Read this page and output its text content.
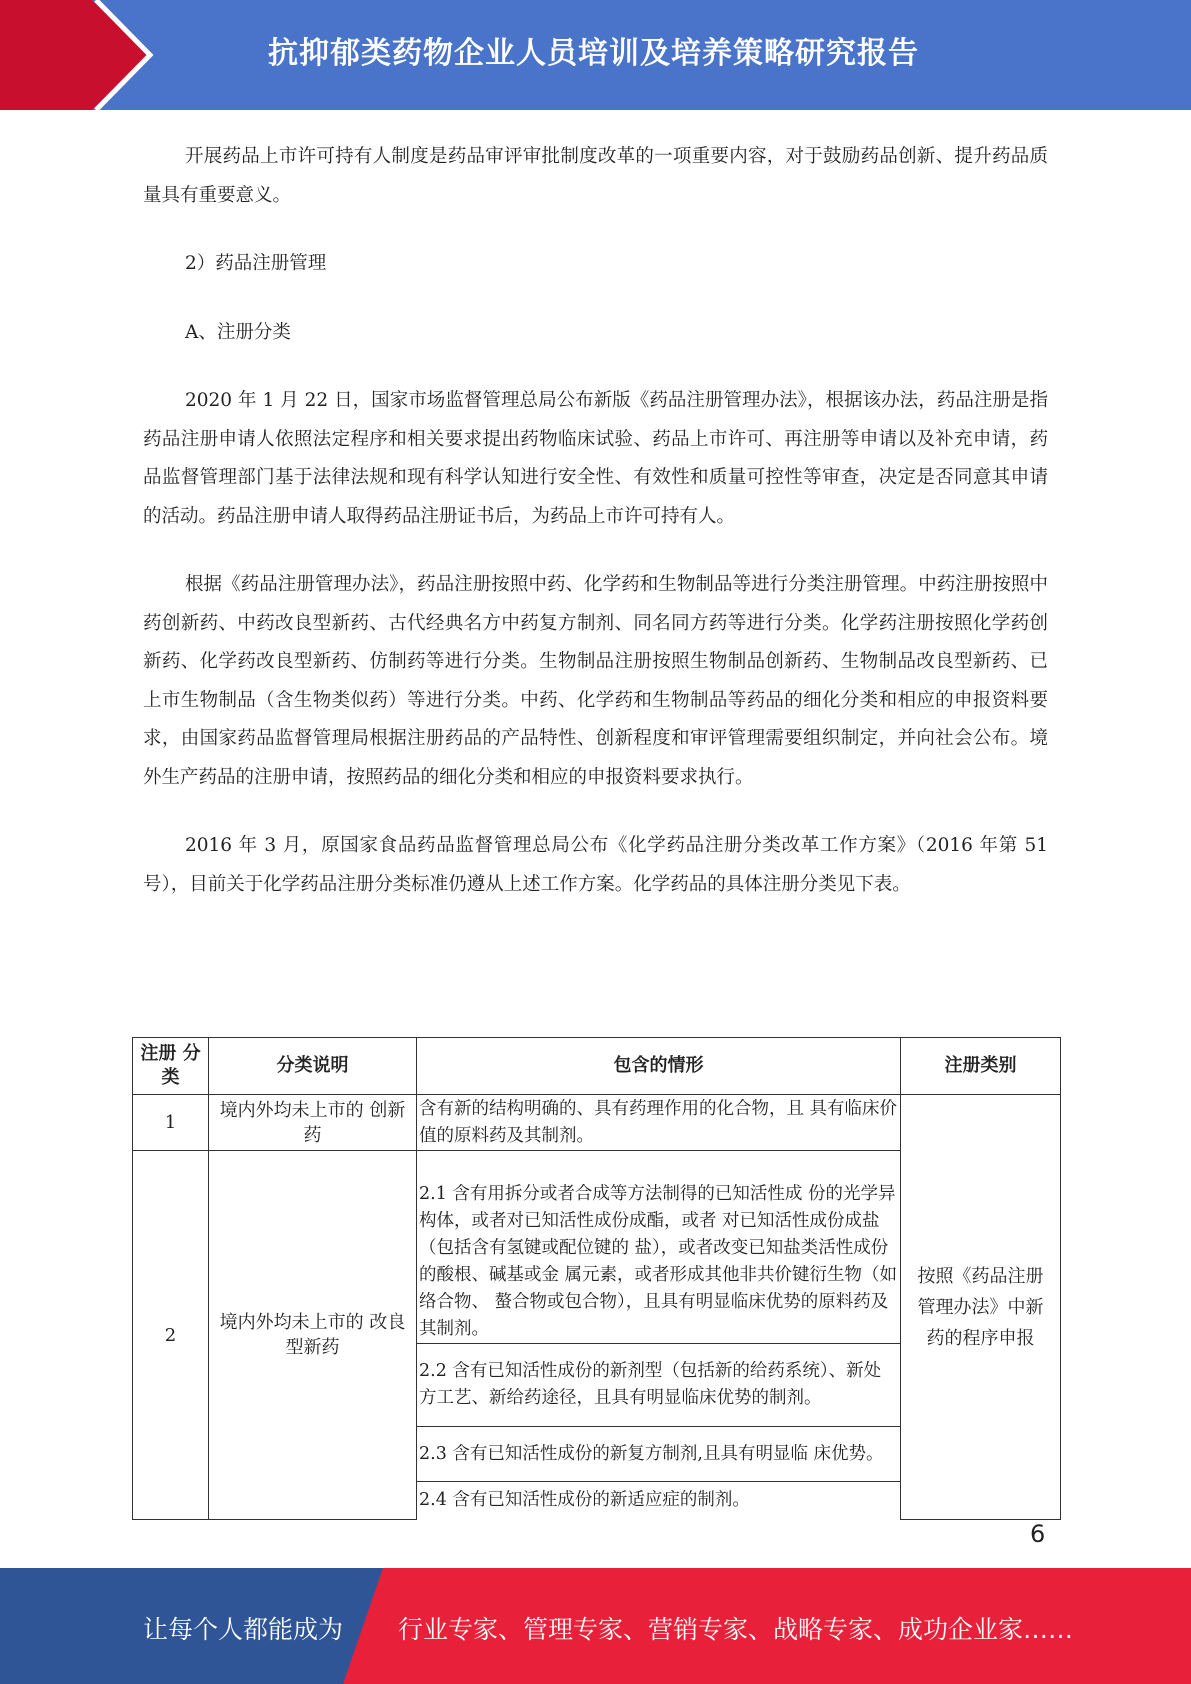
抗抑郁类药物企业人员培训及培养策略研究报告

开展药品上市许可持有人制度是药品审评审批制度改革的一项重要内容，对于鼓励药品创新、提升药品质量具有重要意义。

2）药品注册管理

A、注册分类

2020 年 1 月 22 日，国家市场监督管理总局公布新版《药品注册管理办法》，根据该办法，药品注册是指药品注册申请人依照法定程序和相关要求提出药物临床试验、药品上市许可、再注册等申请以及补充申请，药品监督管理部门基于法律法规和现有科学认知进行安全性、有效性和质量可控性等审查，决定是否同意其申请的活动。药品注册申请人取得药品注册证书后，为药品上市许可持有人。

根据《药品注册管理办法》，药品注册按照中药、化学药和生物制品等进行分类注册管理。中药注册按照中药创新药、中药改良型新药、古代经典名方中药复方制剂、同名同方药等进行分类。化学药注册按照化学药创新药、化学药改良型新药、仿制药等进行分类。生物制品注册按照生物制品创新药、生物制品改良型新药、已上市生物制品（含生物类似药）等进行分类。中药、化学药和生物制品等药品的细化分类和相应的申报资料要求，由国家药品监督管理局根据注册药品的产品特性、创新程度和审评管理需要组织制定，并向社会公布。境外生产药品的注册申请，按照药品的细化分类和相应的申报资料要求执行。

2016 年 3 月，原国家食品药品监督管理总局公布《化学药品注册分类改革工作方案》（2016 年第 51 号），目前关于化学药品注册分类标准仍遵从上述工作方案。化学药品的具体注册分类见下表。

注册 分类	分类说明	包含的情形	注册类别
1	境内外均未上市的 创新药	含有新的结构明确的、具有药理作用的化合物，且 具有临床价值的原料药及其制剂。	按照《药品注册管理办法》中新药的程序申报
2	境内外均未上市的 改良型新药	2.1 含有用拆分或者合成等方法制得的已知活性成 份的光学异构体，或者对已知活性成份成酯，或者 对已知活性成份成盐（包括含有氢键或配位键的 盐），或者改变已知盐类活性成份的酸根、碱基或金 属元素，或者形成其他非共价键衍生物（如络合物、 螯合物或包合物），且具有明显临床优势的原料药及 其制剂。	
		2.2 含有已知活性成份的新剂型（包括新的给药系统）、新处方工艺、新给药途径，且具有明显临床优势的制剂。	
		2.3 含有已知活性成份的新复方制剂,且具有明显临 床优势。	
		2.4 含有已知活性成份的新适应症的制剂。	
6
让每个人都能成为 行业专家、管理专家、营销专家、战略专家、成功企业家……
